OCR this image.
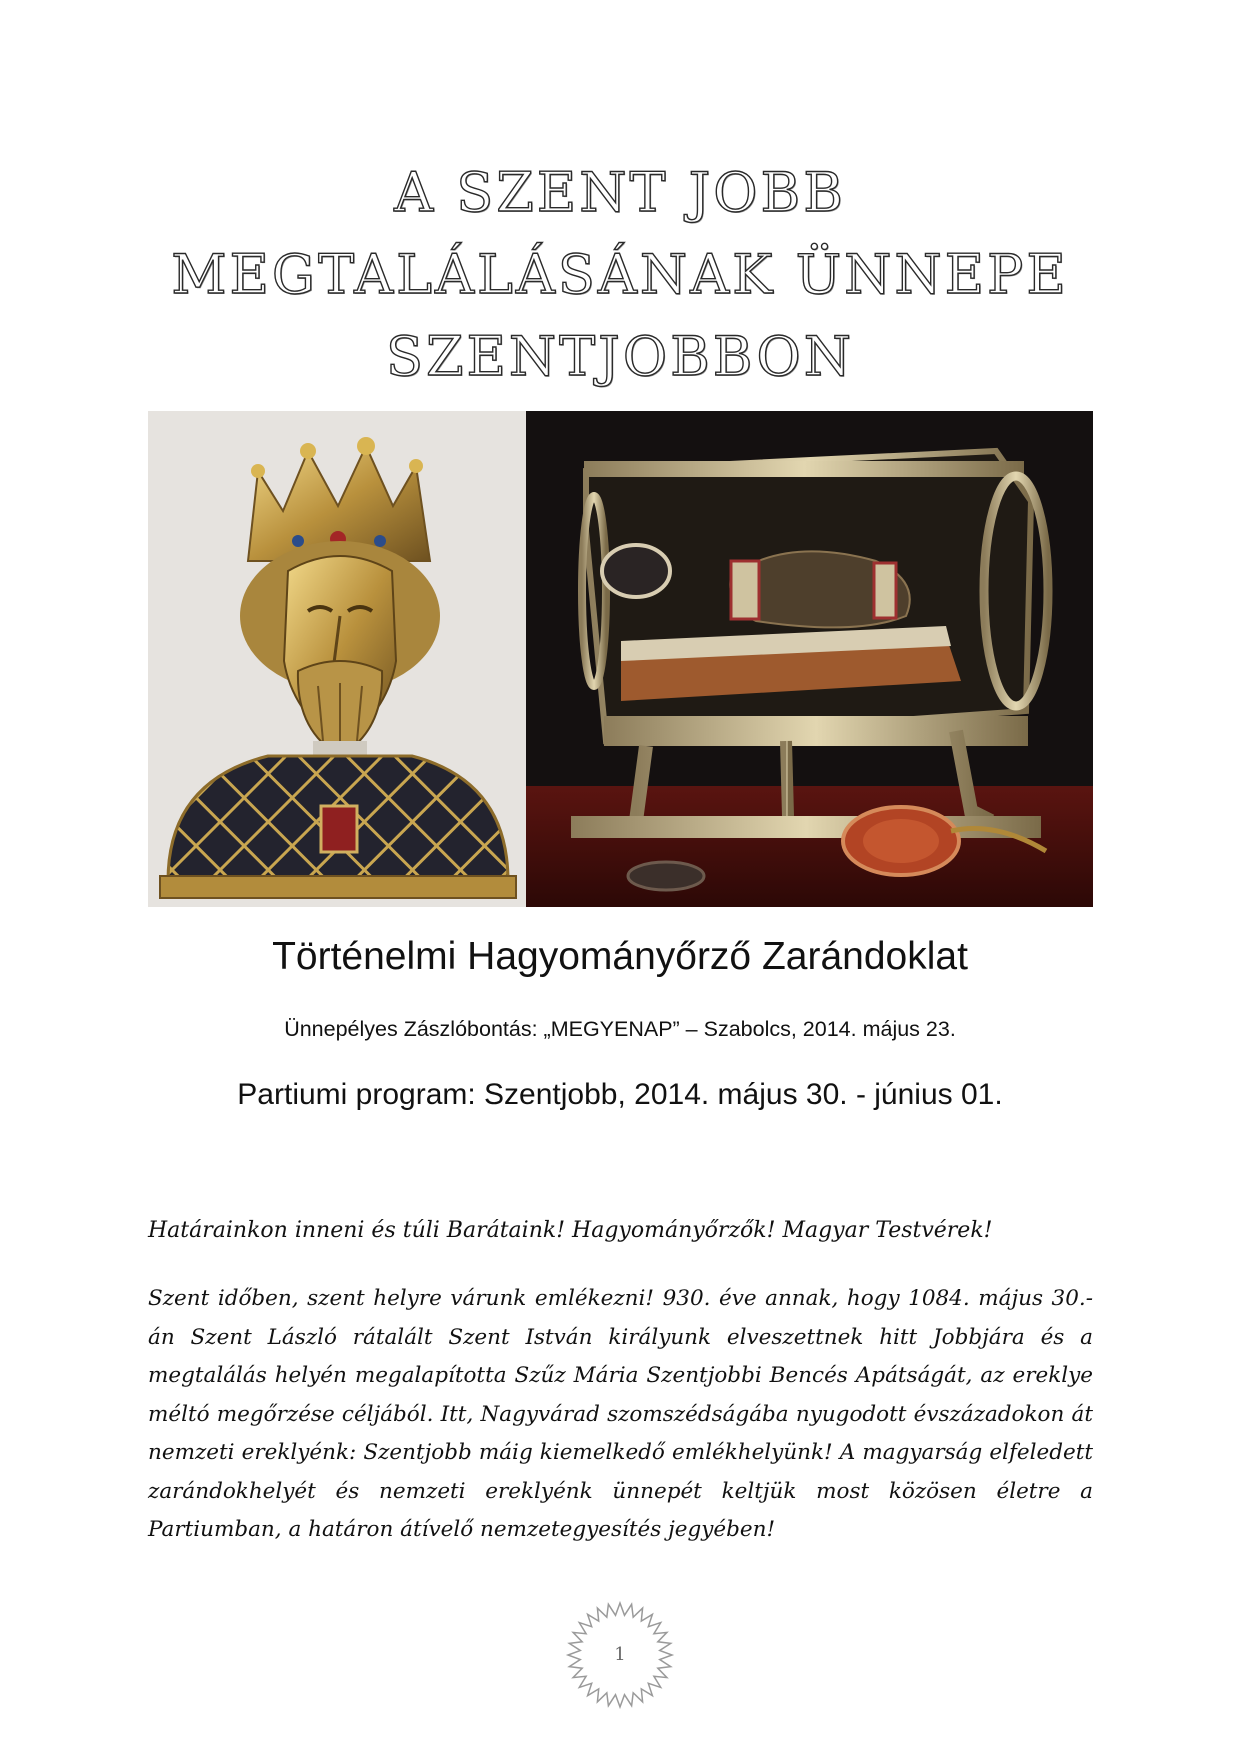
A SZENT JOBB
MEGTALÁLÁSÁNAK ÜNNEPE
SZENTJOBBON
Történelmi Hagyományőrző Zarándoklat
Ünnepélyes Zászlóbontás: „MEGYENAP” – Szabolcs, 2014. május 23.
Partiumi program: Szentjobb, 2014. május 30. - június 01.
Határainkon inneni és túli Barátaink! Hagyományőrzők! Magyar Testvérek!
Szent időben, szent helyre várunk emlékezni! 930. éve annak, hogy 1084. május 30.-án Szent László rátalált Szent István királyunk elveszettnek hitt Jobbjára és a megtalálás helyén megalapította Szűz Mária Szentjobbi Bencés Apátságát, az ereklye méltó megőrzése céljából. Itt, Nagyvárad szomszédságába nyugodott évszázadokon át nemzeti ereklyénk: Szentjobb máig kiemelkedő emlékhelyünk! A magyarság elfeledett zarándokhelyét és nemzeti ereklyénk ünnepét keltjük most közösen életre a Partiumban, a határon átívelő nemzetegyesítés jegyében!
1
